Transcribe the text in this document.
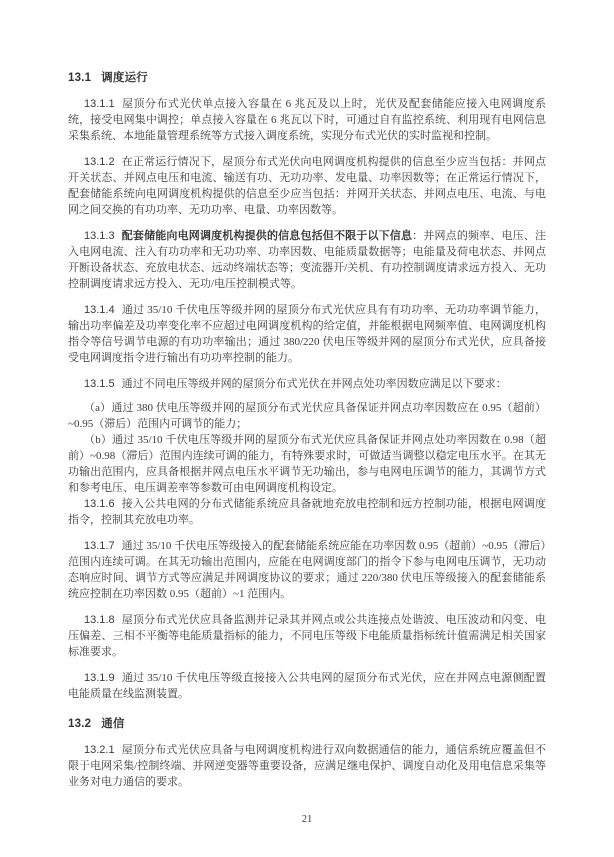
13.1 调度运行

13.1.1 屋顶分布式光伏单点接入容量在 6 兆瓦及以上时，光伏及配套储能应接入电网调度系统，接受电网集中调控；单点接入容量在 6 兆瓦以下时，可通过自有监控系统、利用现有电网信息采集系统、本地能量管理系统等方式接入调度系统，实现分布式光伏的实时监视和控制。

13.1.2 在正常运行情况下，屋顶分布式光伏向电网调度机构提供的信息至少应当包括：并网点开关状态、并网点电压和电流、输送有功、无功功率、发电量、功率因数等；在正常运行情况下，配套储能系统向电网调度机构提供的信息至少应当包括：并网开关状态、并网点电压、电流、与电网之间交换的有功功率、无功功率、电量、功率因数等。

13.1.3 配套储能向电网调度机构提供的信息包括但不限于以下信息：并网点的频率、电压、注入电网电流、注入有功功率和无功功率、功率因数、电能质量数据等；电能量及荷电状态、并网点开断设备状态、充放电状态、远动终端状态等；变流器开/关机、有功控制调度请求远方投入、无功控制调度请求远方投入、无功/电压控制模式等。

13.1.4 通过 35/10 千伏电压等级并网的屋顶分布式光伏应具有有功功率、无功功率调节能力，输出功率偏差及功率变化率不应超过电网调度机构的给定值，并能根据电网频率值、电网调度机构指令等信号调节电源的有功功率输出；通过 380/220 伏电压等级并网的屋顶分布式光伏，应具备接受电网调度指令进行输出有功功率控制的能力。

13.1.5 通过不同电压等级并网的屋顶分布式光伏在并网点处功率因数应满足以下要求：

（a）通过 380 伏电压等级并网的屋顶分布式光伏应具备保证并网点功率因数应在 0.95（超前）~0.95（滞后）范围内可调节的能力；

（b）通过 35/10 千伏电压等级并网的屋顶分布式光伏应具备保证并网点处功率因数在 0.98（超前）~0.98（滞后）范围内连续可调的能力，有特殊要求时，可做适当调整以稳定电压水平。在其无功输出范围内，应具备根据并网点电压水平调节无功输出，参与电网电压调节的能力，其调节方式和参考电压、电压调差率等参数可由电网调度机构设定。

13.1.6 接入公共电网的分布式储能系统应具备就地充放电控制和远方控制功能，根据电网调度指令，控制其充放电功率。

13.1.7 通过 35/10 千伏电压等级接入的配套储能系统应能在功率因数 0.95（超前）~0.95（滞后）范围内连续可调。在其无功输出范围内，应能在电网调度部门的指令下参与电网电压调节，无功动态响应时间、调节方式等应满足并网调度协议的要求；通过 220/380 伏电压等级接入的配套储能系统应控制在功率因数 0.95（超前）~1 范围内。

13.1.8 屋顶分布式光伏应具备监测并记录其并网点或公共连接点处谐波、电压波动和闪变、电压偏差、三相不平衡等电能质量指标的能力，不同电压等级下电能质量指标统计值需满足相关国家标准要求。

13.1.9 通过 35/10 千伏电压等级直接接入公共电网的屋顶分布式光伏，应在并网点电源侧配置电能质量在线监测装置。

13.2 通信

13.2.1 屋顶分布式光伏应具备与电网调度机构进行双向数据通信的能力，通信系统应覆盖但不限于电网采集/控制终端、并网逆变器等重要设备，应满足继电保护、调度自动化及用电信息采集等业务对电力通信的要求。

21
